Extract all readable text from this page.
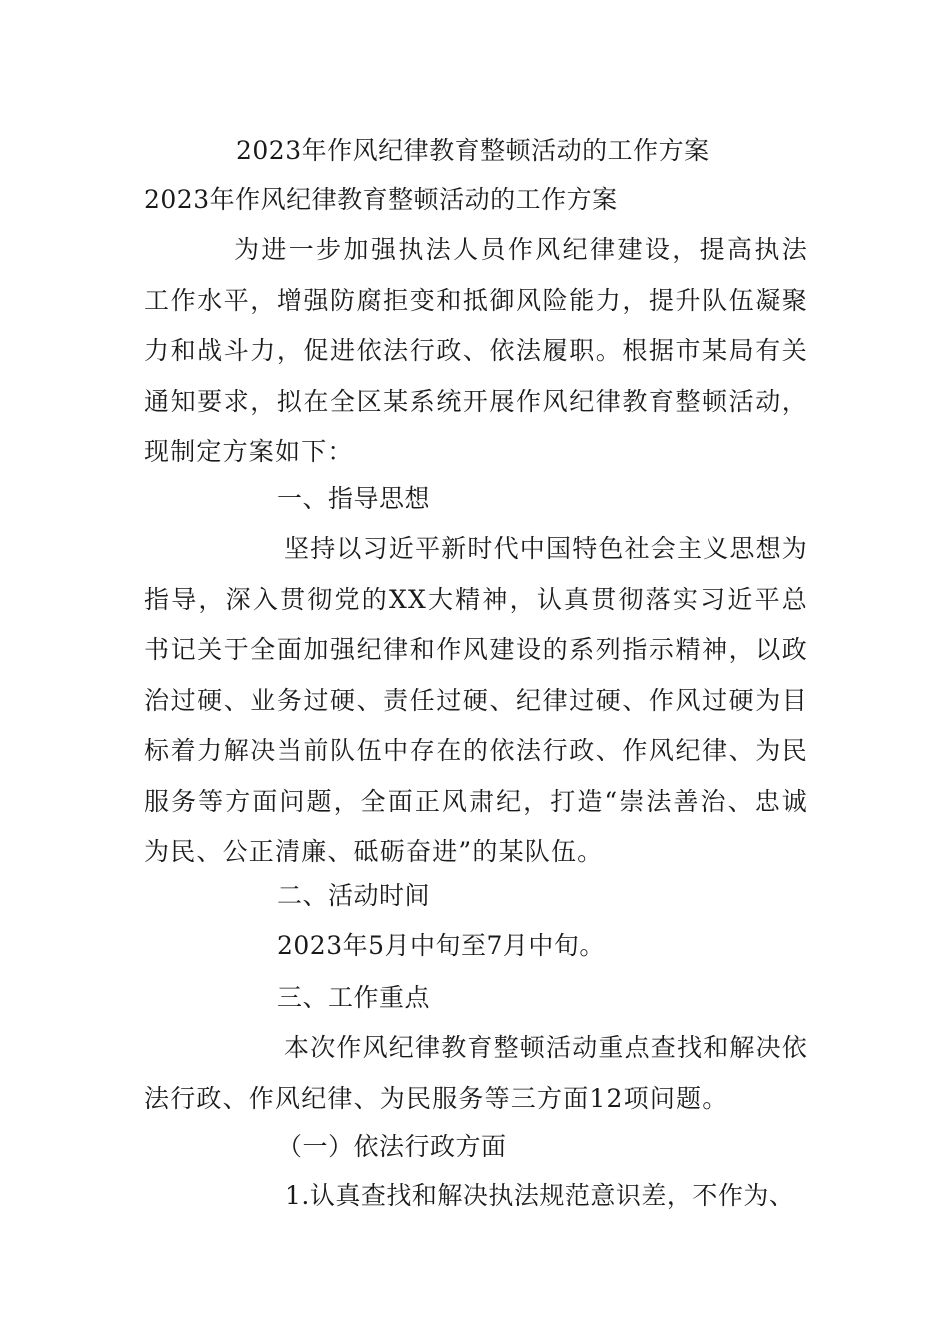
2023年作风纪律教育整顿活动的工作方案
2023年作风纪律教育整顿活动的工作方案

为进一步加强执法人员作风纪律建设，提高执法工作水平，增强防腐拒变和抵御风险能力，提升队伍凝聚力和战斗力，促进依法行政、依法履职。根据市某局有关通知要求，拟在全区某系统开展作风纪律教育整顿活动，现制定方案如下：

一、指导思想

坚持以习近平新时代中国特色社会主义思想为指导，深入贯彻党的XX大精神，认真贯彻落实习近平总书记关于全面加强纪律和作风建设的系列指示精神，以政治过硬、业务过硬、责任过硬、纪律过硬、作风过硬为目标着力解决当前队伍中存在的依法行政、作风纪律、为民服务等方面问题，全面正风肃纪，打造“崇法善治、忠诚为民、公正清廉、砥砺奋进”的某队伍。

二、活动时间
2023年5月中旬至7月中旬。
三、工作重点

本次作风纪律教育整顿活动重点查找和解决依法行政、作风纪律、为民服务等三方面12项问题。

（一）依法行政方面
1.认真查找和解决执法规范意识差，不作为、
